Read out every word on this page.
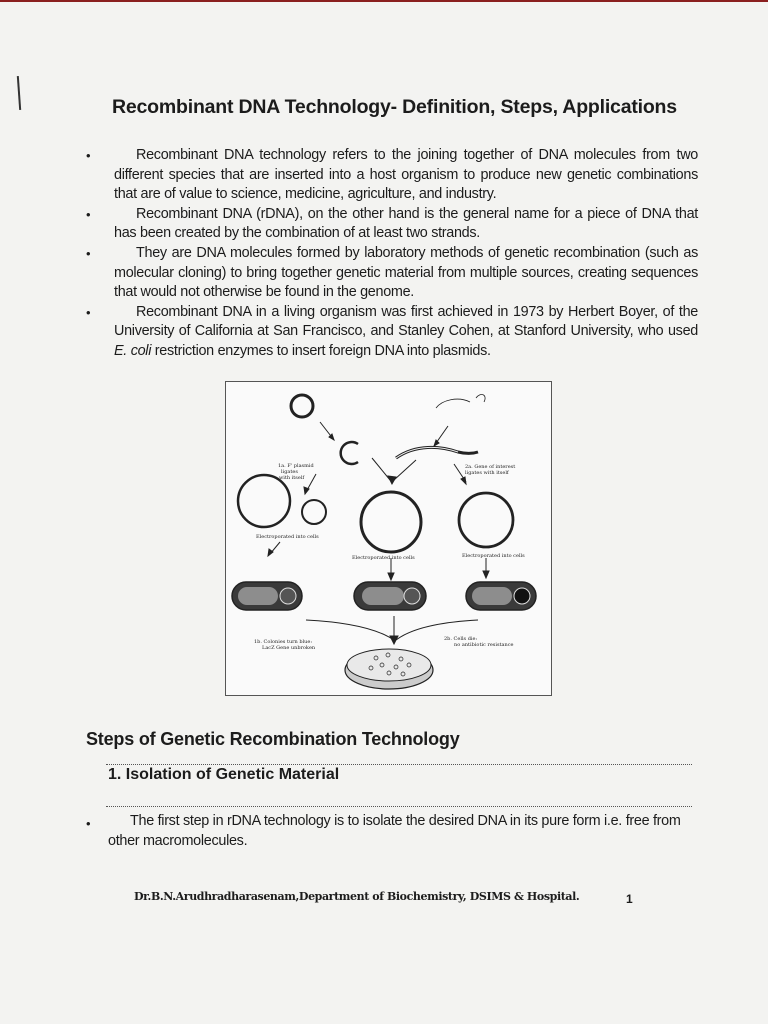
Recombinant DNA Technology- Definition, Steps, Applications
• Recombinant DNA technology refers to the joining together of DNA molecules from two different species that are inserted into a host organism to produce new genetic combinations that are of value to science, medicine, agriculture, and industry.
• Recombinant DNA (rDNA), on the other hand is the general name for a piece of DNA that has been created by the combination of at least two strands.
• They are DNA molecules formed by laboratory methods of genetic recombination (such as molecular cloning) to bring together genetic material from multiple sources, creating sequences that would not otherwise be found in the genome.
• Recombinant DNA in a living organism was first achieved in 1973 by Herbert Boyer, of the University of California at San Francisco, and Stanley Cohen, at Stanford University, who used E. coli restriction enzymes to insert foreign DNA into plasmids.
1a. F' plasmid ligates with itself
2a. Gene of interest ligates with itself
Electroporated into cells
Electroporated into cells	Electroporated into cells
1b. Colonies turn blue: LacZ Gene unbroken
2b. Cells die: no antibiotic resistance
Steps of Genetic Recombination Technology
1. Isolation of Genetic Material
• The first step in rDNA technology is to isolate the desired DNA in its pure form i.e. free from other macromolecules.
Dr.B.N.Arudhradharasenam,Department of Biochemistry, DSIMS & Hospital.	1
